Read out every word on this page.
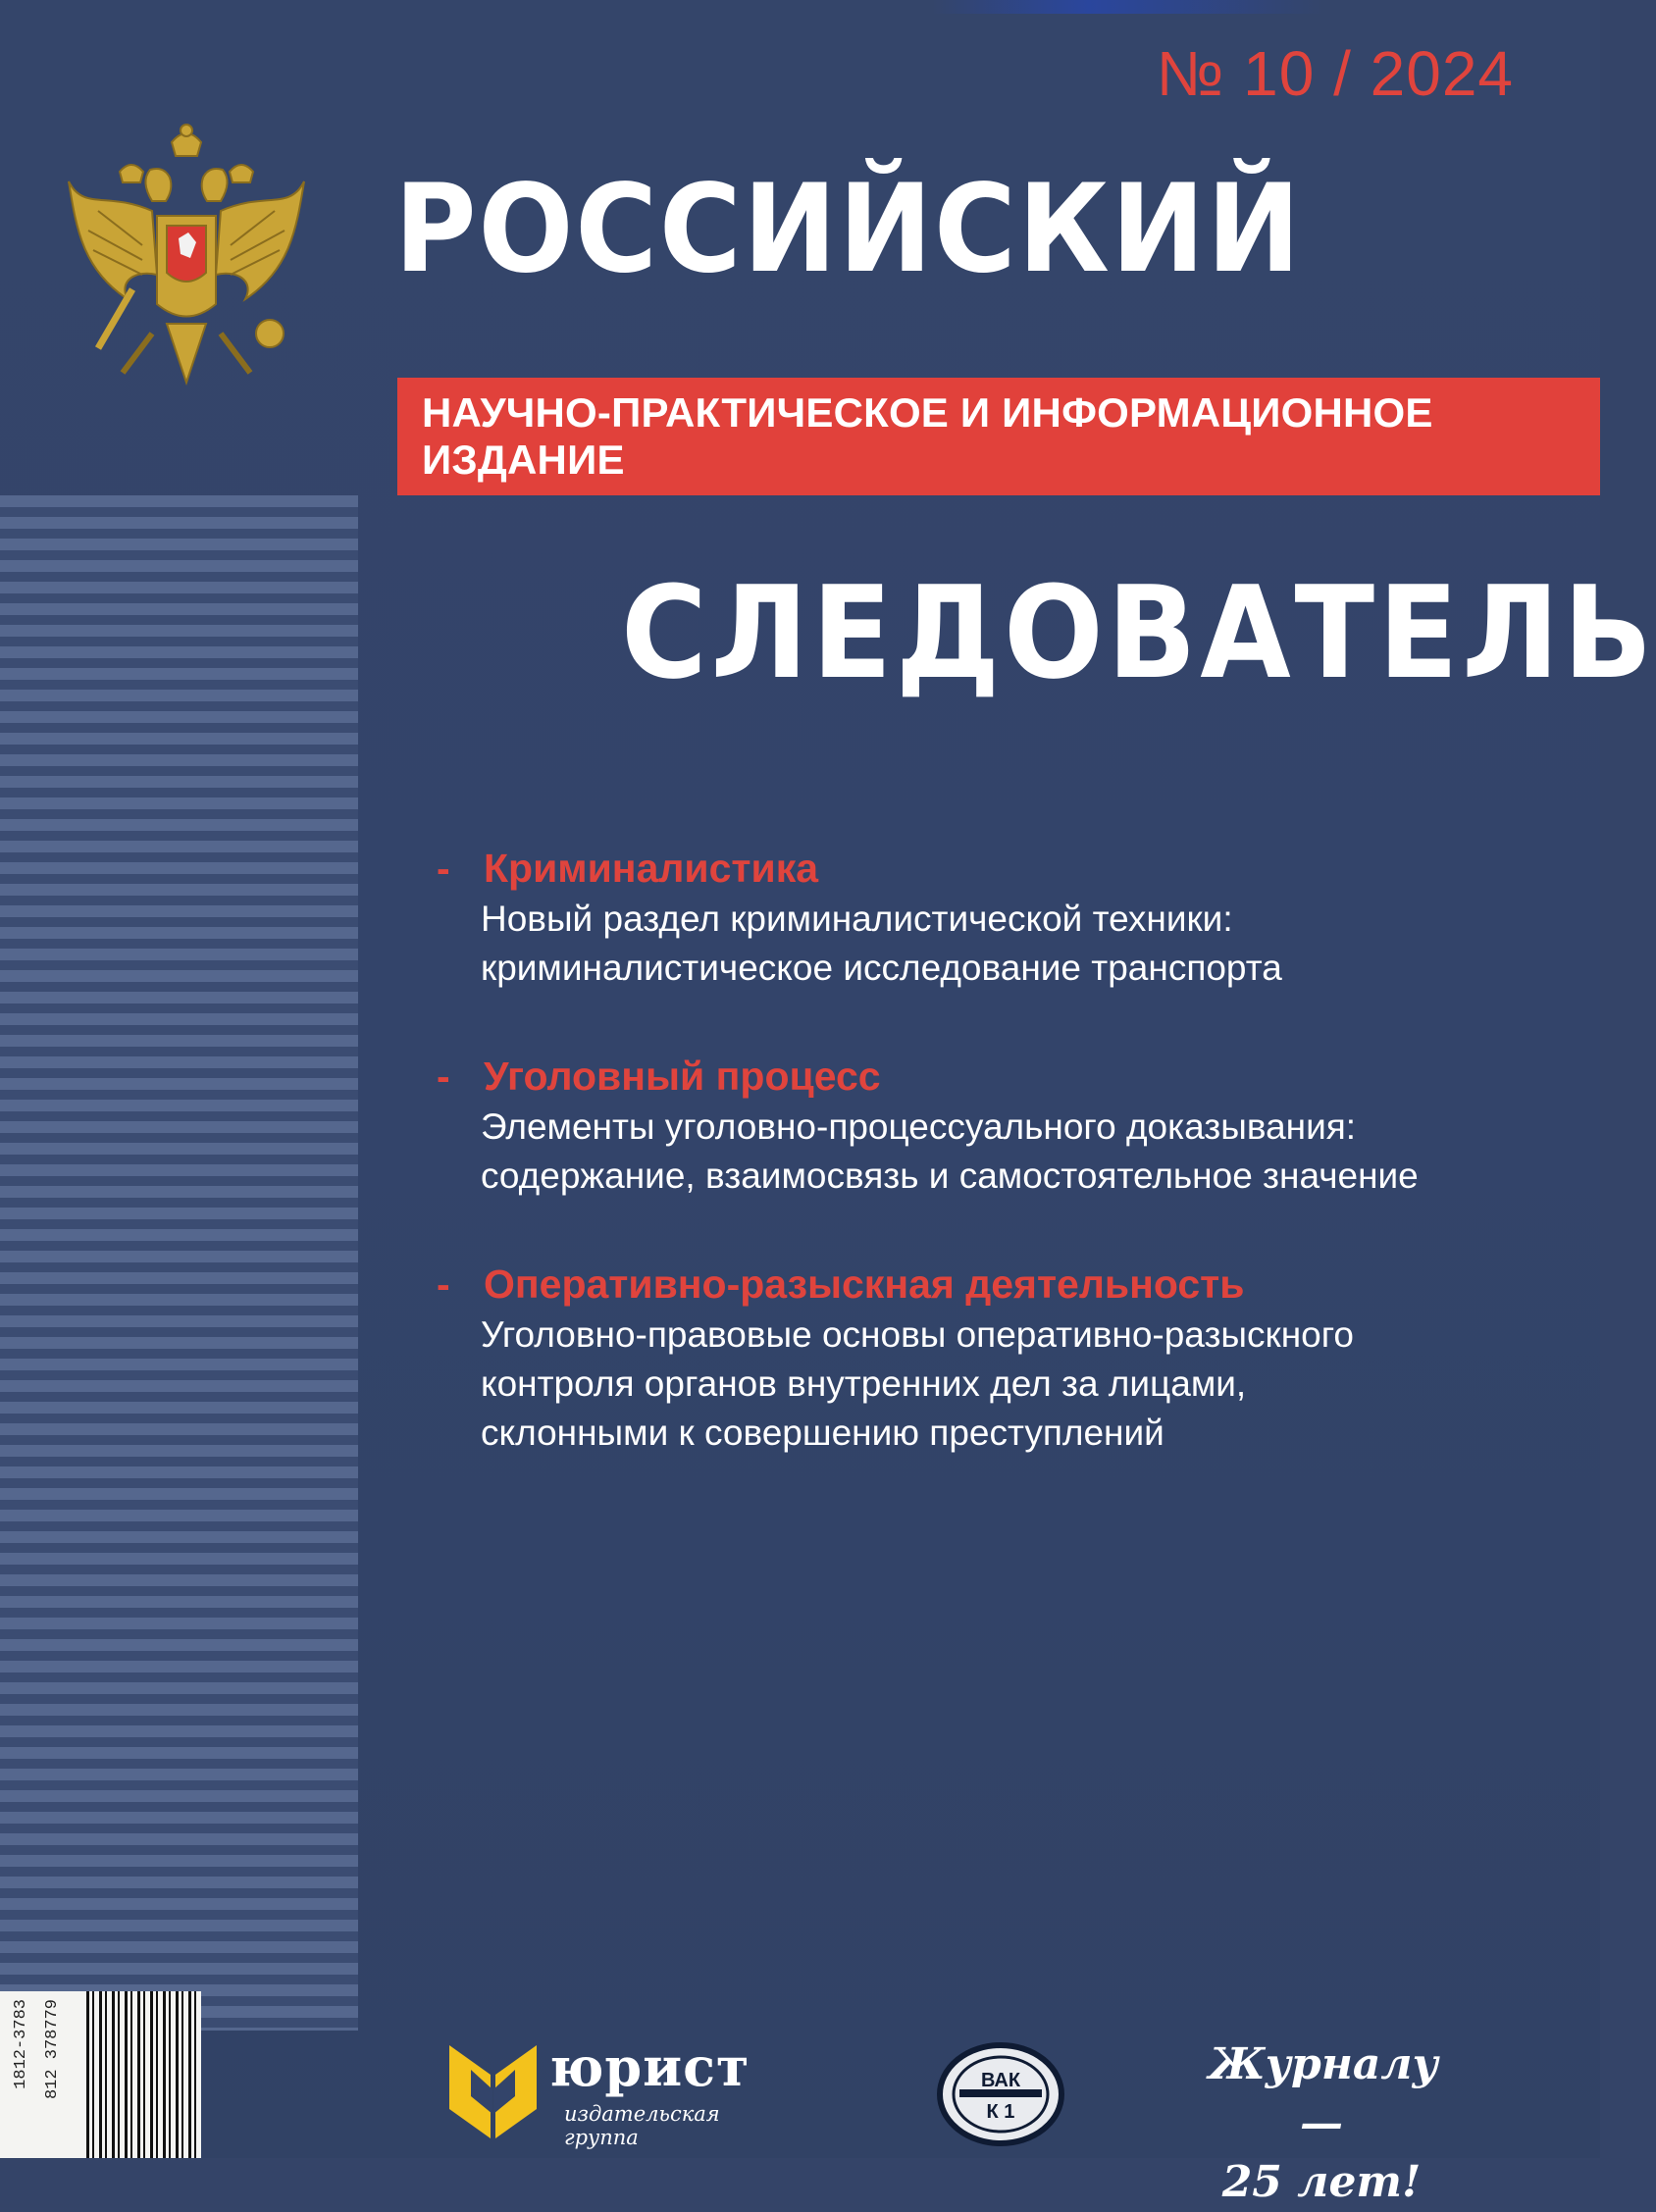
№ 10 / 2024
РОССИЙСКИЙ
НАУЧНО-ПРАКТИЧЕСКОЕ И ИНФОРМАЦИОННОЕ ИЗДАНИЕ
СЛЕДОВАТЕЛЬ
- Криминалистика
Новый раздел криминалистической техники:
криминалистическое исследование транспорта
- Уголовный процесс
Элементы уголовно-процессуального доказывания:
содержание, взаимосвязь и самостоятельное значение
- Оперативно-разыскная деятельность
Уголовно-правовые основы оперативно-разыскного
контроля органов внутренних дел за лицами,
склонными к совершению преступлений
1812-3783 812 378779	юрист
издательская
группа
ВАК
К 1
Журналу —
25 лет!
